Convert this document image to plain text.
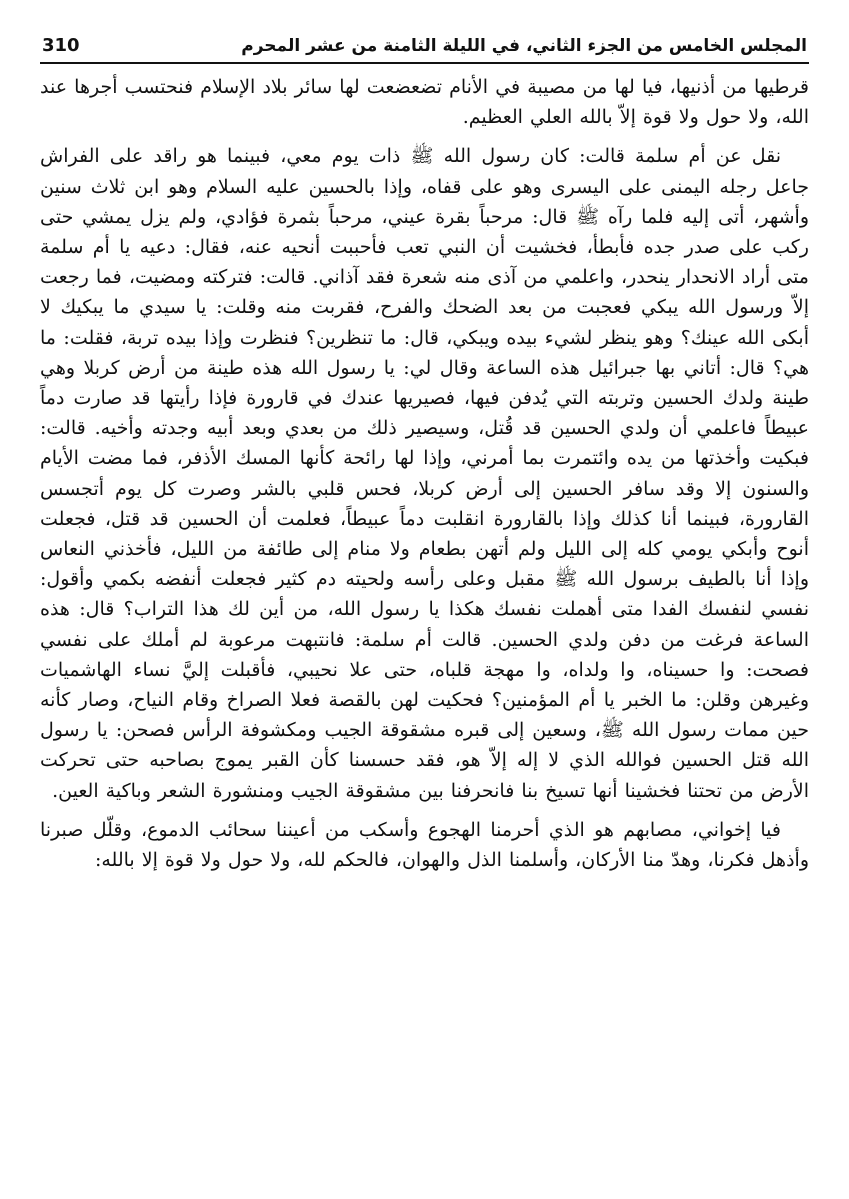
المجلس الخامس من الجزء الثاني، في الليلة الثامنة من عشر المحرم
310

قرطيها من أذنيها، فيا لها من مصيبة في الأنام تضعضعت لها سائر بلاد الإسلام فنحتسب أجرها عند الله، ولا حول ولا قوة إلاّ بالله العلي العظيم.

نقل عن أم سلمة قالت: كان رسول الله ﷺ ذات يوم معي، فبينما هو راقد على الفراش جاعل رجله اليمنى على اليسرى وهو على قفاه، وإذا بالحسين عليه السلام وهو ابن ثلاث سنين وأشهر، أتى إليه فلما رآه ﷺ قال: مرحباً بقرة عيني، مرحباً بثمرة فؤادي، ولم يزل يمشي حتى ركب على صدر جده فأبطأ، فخشيت أن النبي تعب فأحببت أنحيه عنه، فقال: دعيه يا أم سلمة متى أراد الانحدار ينحدر، واعلمي من آذى منه شعرة فقد آذاني. قالت: فتركته ومضيت، فما رجعت إلاّ ورسول الله يبكي فعجبت من بعد الضحك والفرح، فقربت منه وقلت: يا سيدي ما يبكيك لا أبكى الله عينك؟ وهو ينظر لشيء بيده ويبكي، قال: ما تنظرين؟ فنظرت وإذا بيده تربة، فقلت: ما هي؟ قال: أتاني بها جبرائيل هذه الساعة وقال لي: يا رسول الله هذه طينة من أرض كربلا وهي طينة ولدك الحسين وتربته التي يُدفن فيها، فصيريها عندك في قارورة فإذا رأيتها قد صارت دماً عبيطاً فاعلمي أن ولدي الحسين قد قُتل، وسيصير ذلك من بعدي وبعد أبيه وجدته وأخيه. قالت: فبكيت وأخذتها من يده وائتمرت بما أمرني، وإذا لها رائحة كأنها المسك الأذفر، فما مضت الأيام والسنون إلا وقد سافر الحسين إلى أرض كربلا، فحس قلبي بالشر وصرت كل يوم أتجسس القارورة، فبينما أنا كذلك وإذا بالقارورة انقلبت دماً عبيطاً، فعلمت أن الحسين قد قتل، فجعلت أنوح وأبكي يومي كله إلى الليل ولم أتهن بطعام ولا منام إلى طائفة من الليل، فأخذني النعاس وإذا أنا بالطيف برسول الله ﷺ مقبل وعلى رأسه ولحيته دم كثير فجعلت أنفضه بكمي وأقول: نفسي لنفسك الفدا متى أهملت نفسك هكذا يا رسول الله، من أين لك هذا التراب؟ قال: هذه الساعة فرغت من دفن ولدي الحسين. قالت أم سلمة: فانتبهت مرعوبة لم أملك على نفسي فصحت: وا حسيناه، وا ولداه، وا مهجة قلباه، حتى علا نحيبي، فأقبلت إليَّ نساء الهاشميات وغيرهن وقلن: ما الخبر يا أم المؤمنين؟ فحكيت لهن بالقصة فعلا الصراخ وقام النياح، وصار كأنه حين ممات رسول الله ﷺ، وسعين إلى قبره مشقوقة الجيب ومكشوفة الرأس فصحن: يا رسول الله قتل الحسين فوالله الذي لا إله إلاّ هو، فقد حسسنا كأن القبر يموج بصاحبه حتى تحركت الأرض من تحتنا فخشينا أنها تسيخ بنا فانحرفنا بين مشقوقة الجيب ومنشورة الشعر وباكية العين.

فيا إخواني، مصابهم هو الذي أحرمنا الهجوع وأسكب من أعيننا سحائب الدموع، وقلّل صبرنا وأذهل فكرنا، وهدّ منا الأركان، وأسلمنا الذل والهوان، فالحكم لله، ولا حول ولا قوة إلا بالله:
